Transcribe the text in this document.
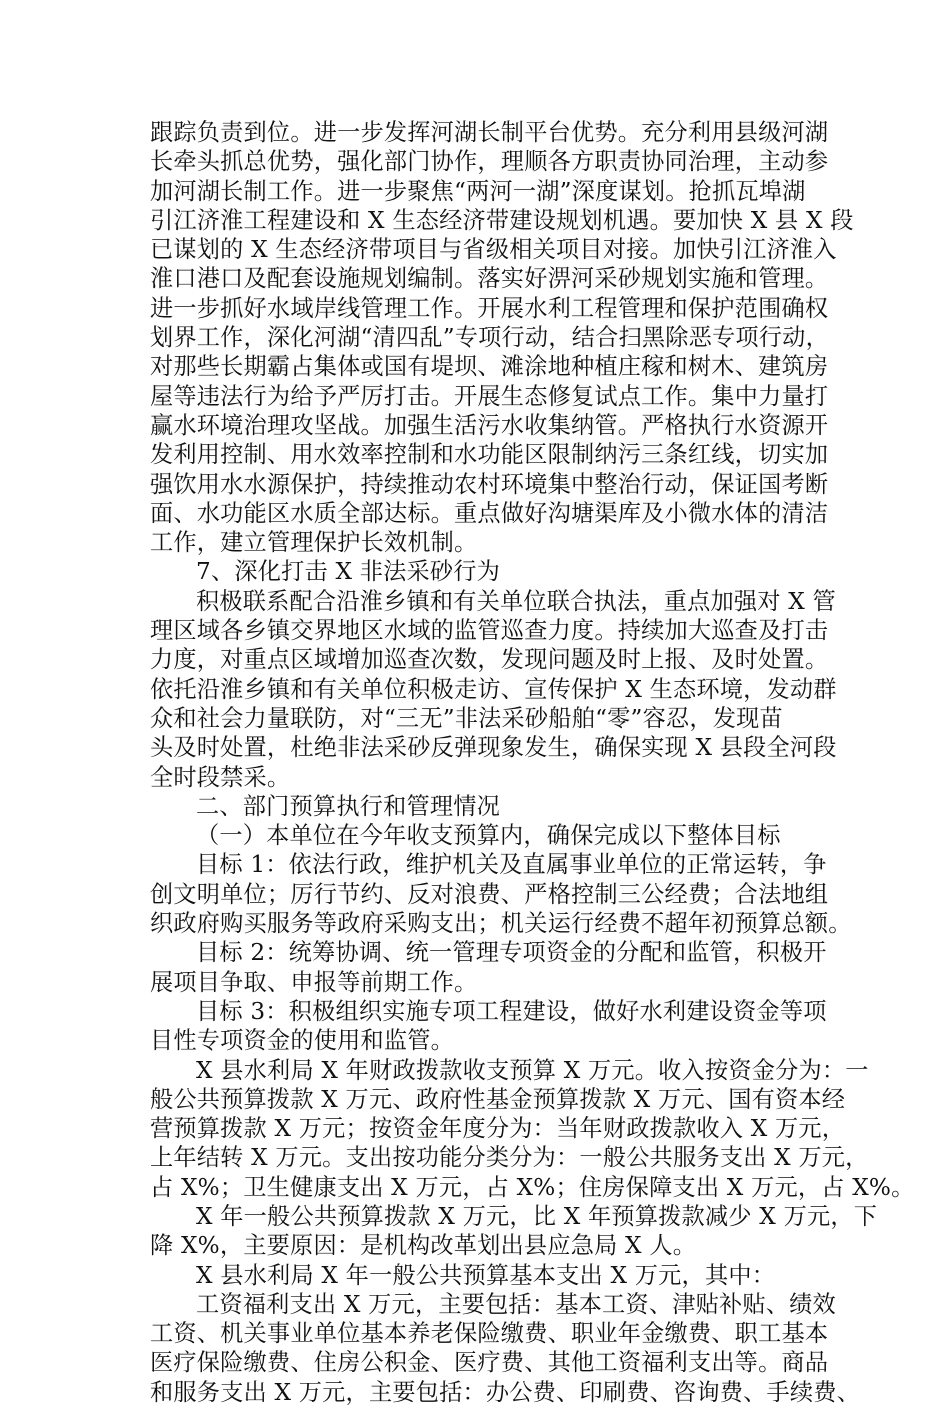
跟踪负责到位。进一步发挥河湖长制平台优势。充分利用县级河湖
长牵头抓总优势，强化部门协作，理顺各方职责协同治理，主动参
加河湖长制工作。进一步聚焦“两河一湖”深度谋划。抢抓瓦埠湖
引江济淮工程建设和 X 生态经济带建设规划机遇。要加快 X 县 X 段
已谋划的 X 生态经济带项目与省级相关项目对接。加快引江济淮入
淮口港口及配套设施规划编制。落实好淠河采砂规划实施和管理。
进一步抓好水域岸线管理工作。开展水利工程管理和保护范围确权
划界工作，深化河湖“清四乱”专项行动，结合扫黑除恶专项行动，
对那些长期霸占集体或国有堤坝、滩涂地种植庄稼和树木、建筑房
屋等违法行为给予严厉打击。开展生态修复试点工作。集中力量打
赢水环境治理攻坚战。加强生活污水收集纳管。严格执行水资源开
发利用控制、用水效率控制和水功能区限制纳污三条红线，切实加
强饮用水水源保护，持续推动农村环境集中整治行动，保证国考断
面、水功能区水质全部达标。重点做好沟塘渠库及小微水体的清洁
工作，建立管理保护长效机制。
7、深化打击 X 非法采砂行为
积极联系配合沿淮乡镇和有关单位联合执法，重点加强对 X 管
理区域各乡镇交界地区水域的监管巡查力度。持续加大巡查及打击
力度，对重点区域增加巡查次数，发现问题及时上报、及时处置。
依托沿淮乡镇和有关单位积极走访、宣传保护 X 生态环境，发动群
众和社会力量联防，对“三无”非法采砂船舶“零”容忍，发现苗
头及时处置，杜绝非法采砂反弹现象发生，确保实现 X 县段全河段
全时段禁采。
二、部门预算执行和管理情况
（一）本单位在今年收支预算内，确保完成以下整体目标
目标 1：依法行政，维护机关及直属事业单位的正常运转，争
创文明单位；厉行节约、反对浪费、严格控制三公经费；合法地组
织政府购买服务等政府采购支出；机关运行经费不超年初预算总额。
目标 2：统筹协调、统一管理专项资金的分配和监管，积极开
展项目争取、申报等前期工作。
目标 3：积极组织实施专项工程建设，做好水利建设资金等项
目性专项资金的使用和监管。
X 县水利局 X 年财政拨款收支预算 X 万元。收入按资金分为：一
般公共预算拨款 X 万元、政府性基金预算拨款 X 万元、国有资本经
营预算拨款 X 万元；按资金年度分为：当年财政拨款收入 X 万元，
上年结转 X 万元。支出按功能分类分为：一般公共服务支出 X 万元，
占 X%；卫生健康支出 X 万元，占 X%；住房保障支出 X 万元，占 X%。
X 年一般公共预算拨款 X 万元，比 X 年预算拨款减少 X 万元，下
降 X%，主要原因：是机构改革划出县应急局 X 人。
X 县水利局 X 年一般公共预算基本支出 X 万元，其中：
工资福利支出 X 万元，主要包括：基本工资、津贴补贴、绩效
工资、机关事业单位基本养老保险缴费、职业年金缴费、职工基本
医疗保险缴费、住房公积金、医疗费、其他工资福利支出等。商品
和服务支出 X 万元，主要包括：办公费、印刷费、咨询费、手续费、
